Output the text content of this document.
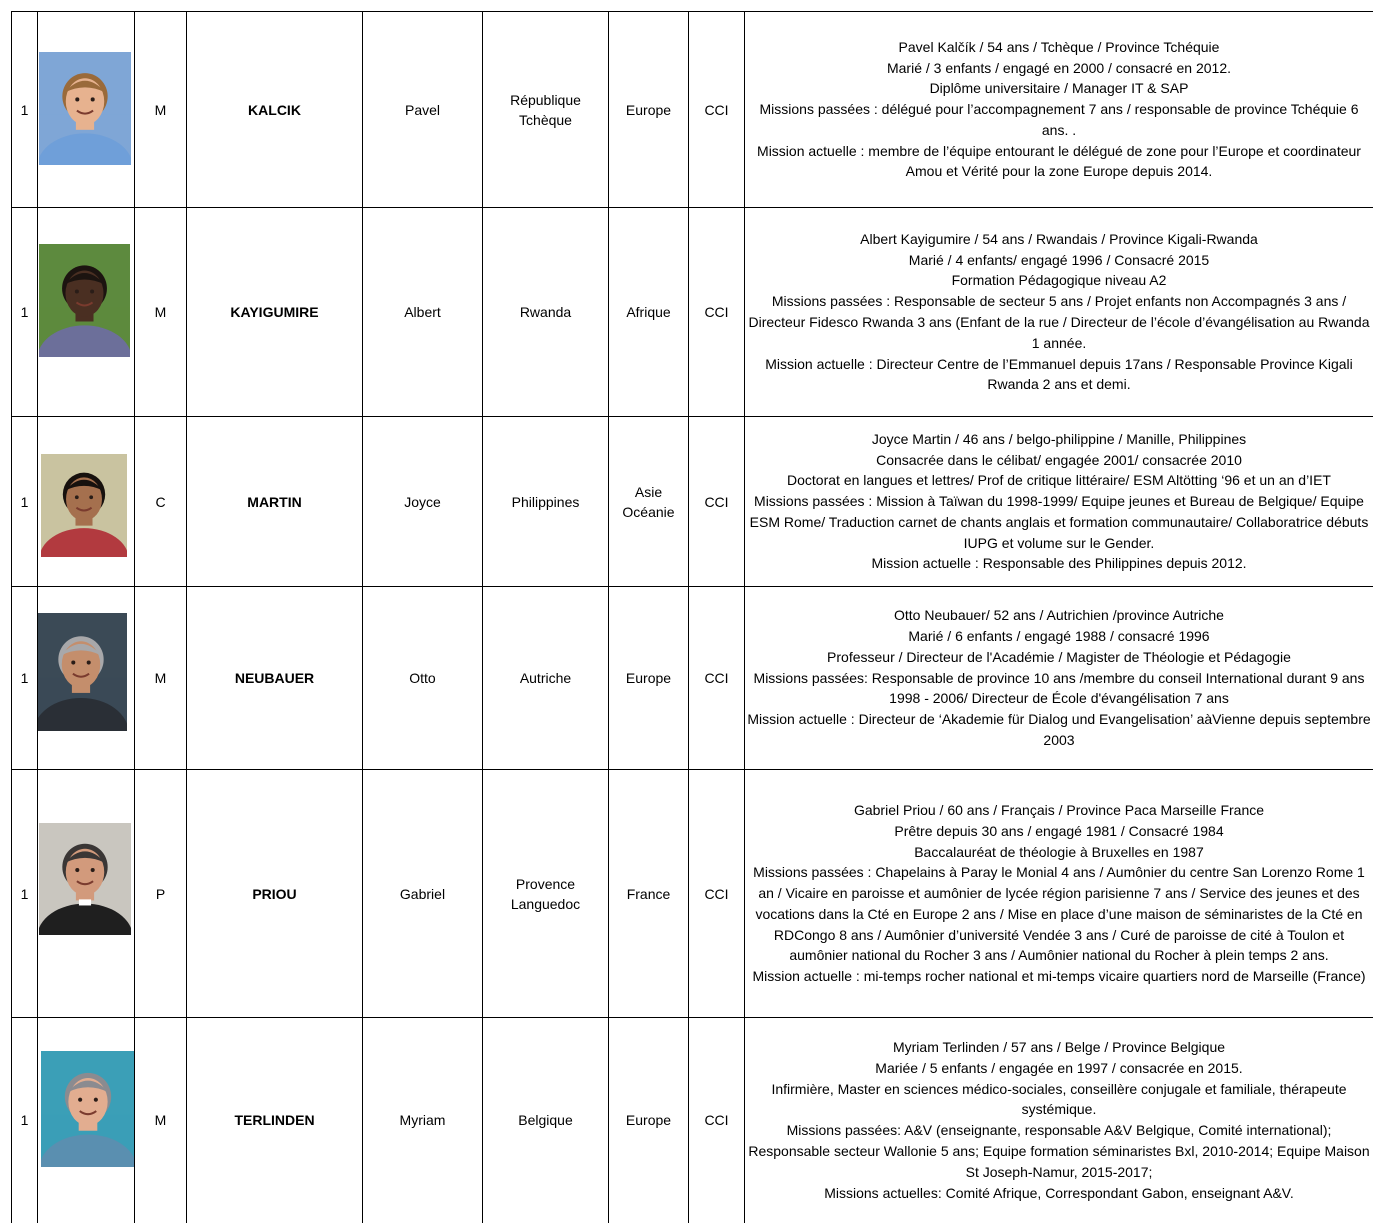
1		M	KALCIK	Pavel	République Tchèque	Europe	CCI	Pavel Kalčík / 54 ans / Tchèque / Province Tchéquie
Marié / 3 enfants / engagé en 2000 / consacré en 2012.
Diplôme universitaire / Manager IT & SAP
Missions passées : délégué pour l’accompagnement 7 ans / responsable de province Tchéquie 6 ans. .
Mission actuelle : membre de l’équipe entourant le délégué de zone pour l’Europe et coordinateur Amou et Vérité pour la zone Europe depuis 2014.

1		M	KAYIGUMIRE	Albert	Rwanda	Afrique	CCI	Albert Kayigumire / 54 ans / Rwandais / Province Kigali-Rwanda
Marié / 4 enfants/ engagé 1996 / Consacré 2015
Formation Pédagogique niveau A2
Missions passées : Responsable de secteur 5 ans / Projet enfants non Accompagnés 3 ans / Directeur Fidesco Rwanda 3 ans (Enfant de la rue / Directeur de l’école d’évangélisation au Rwanda 1 année.
Mission actuelle : Directeur Centre de l’Emmanuel depuis 17ans / Responsable Province Kigali Rwanda 2 ans et demi.

1		C	MARTIN	Joyce	Philippines	Asie Océanie	CCI	Joyce Martin / 46 ans / belgo-philippine / Manille, Philippines
Consacrée dans le célibat/ engagée 2001/ consacrée 2010
Doctorat en langues et lettres/ Prof de critique littéraire/ ESM Altötting ‘96 et un an d’IET
Missions passées : Mission à Taïwan du 1998-1999/ Equipe jeunes et Bureau de Belgique/ Equipe ESM Rome/ Traduction carnet de chants anglais et formation communautaire/ Collaboratrice débuts IUPG et volume sur le Gender.
Mission actuelle : Responsable des Philippines depuis 2012.

1		M	NEUBAUER	Otto	Autriche	Europe	CCI	Otto Neubauer/ 52 ans / Autrichien /province Autriche
Marié / 6 enfants / engagé 1988 / consacré 1996
Professeur / Directeur de l'Académie / Magister de Théologie et Pédagogie
Missions passées: Responsable de province 10 ans /membre du conseil International durant 9 ans 1998 - 2006/ Directeur de École d'évangélisation 7 ans
Mission actuelle : Directeur de ‘Akademie für Dialog und Evangelisation’ aàVienne depuis septembre 2003

1		P	PRIOU	Gabriel	Provence Languedoc	France	CCI	Gabriel Priou / 60 ans / Français / Province Paca Marseille France
Prêtre depuis 30 ans / engagé 1981 / Consacré 1984
Baccalauréat de théologie à Bruxelles en 1987
Missions passées : Chapelains à Paray le Monial 4 ans / Aumônier du centre San Lorenzo Rome 1 an / Vicaire en paroisse et aumônier de lycée région parisienne 7 ans / Service des jeunes et des vocations dans la Cté en Europe 2 ans / Mise en place d’une maison de séminaristes de la Cté en RDCongo 8 ans / Aumônier d’université Vendée 3 ans / Curé de paroisse de cité à Toulon et aumônier national du Rocher 3 ans / Aumônier national du Rocher à plein temps 2 ans.
Mission actuelle : mi-temps rocher national et mi-temps vicaire quartiers nord de Marseille (France)

1		M	TERLINDEN	Myriam	Belgique	Europe	CCI	Myriam Terlinden / 57 ans / Belge / Province Belgique
Mariée / 5 enfants / engagée en 1997 / consacrée en 2015.
Infirmière, Master en sciences médico-sociales, conseillère conjugale et familiale, thérapeute systémique.
Missions passées: A&V (enseignante, responsable A&V Belgique, Comité international); Responsable secteur Wallonie 5 ans; Equipe formation séminaristes Bxl, 2010-2014; Equipe Maison St Joseph-Namur, 2015-2017;
Missions actuelles: Comité Afrique, Correspondant Gabon, enseignant A&V.
